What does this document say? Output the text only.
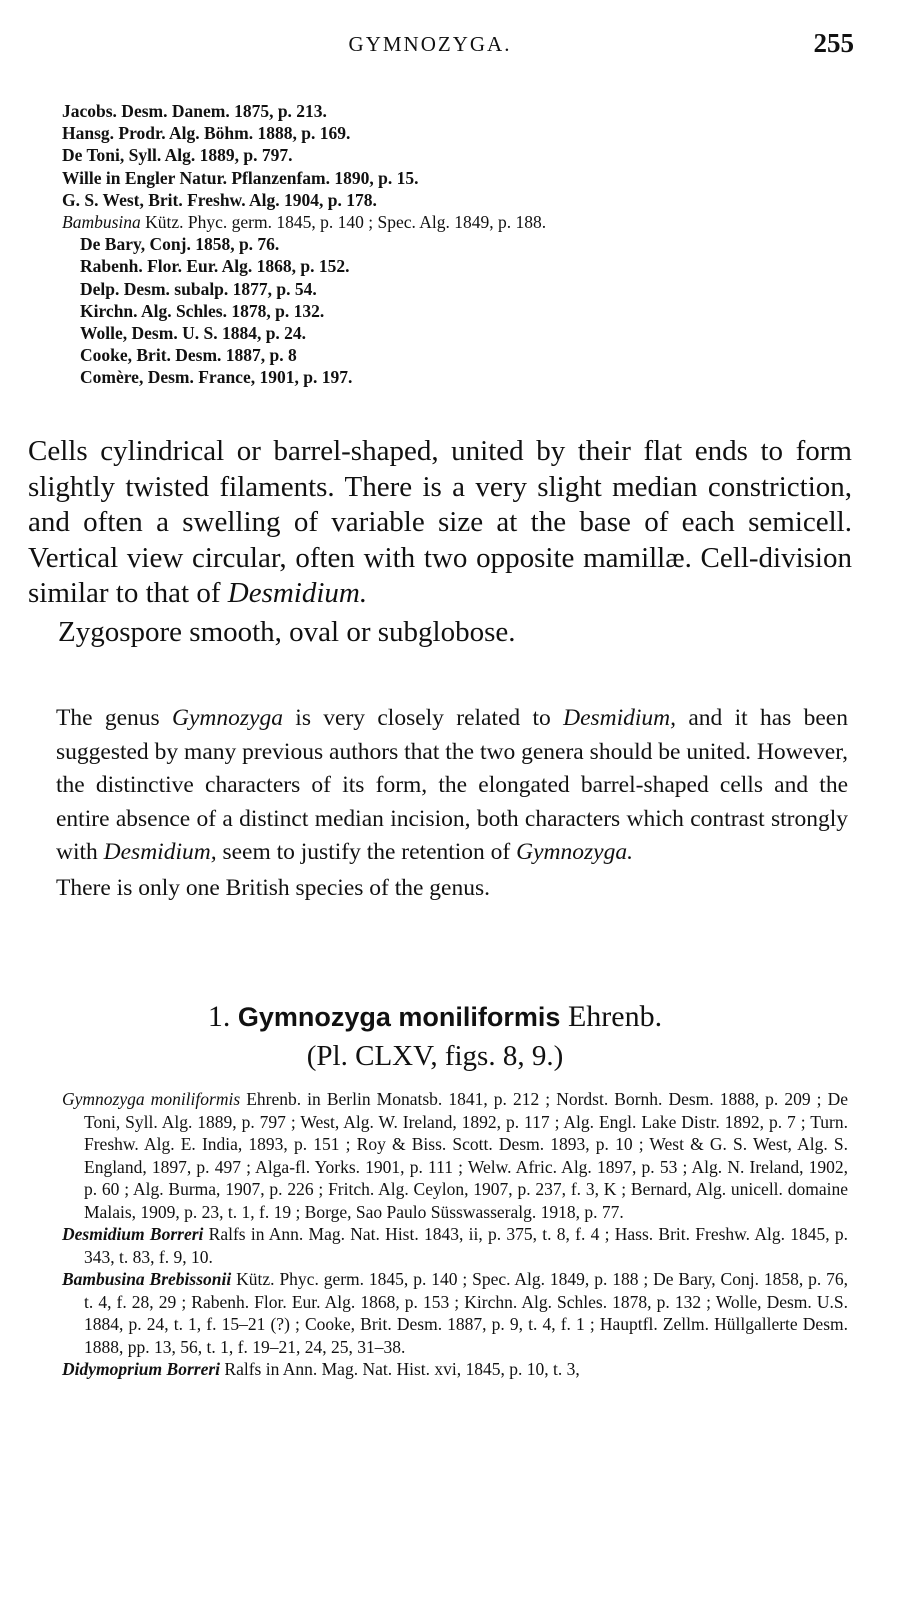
GYMNOZYGA.	255
Jacobs. Desm. Danem. 1875, p. 213.
Hansg. Prodr. Alg. Böhm. 1888, p. 169.
De Toni, Syll. Alg. 1889, p. 797.
Wille in Engler Natur. Pflanzenfam. 1890, p. 15.
G. S. West, Brit. Freshw. Alg. 1904, p. 178.
Bambusina Kütz. Phyc. germ. 1845, p. 140 ; Spec. Alg. 1849, p. 188.
De Bary, Conj. 1858, p. 76.
Rabenh. Flor. Eur. Alg. 1868, p. 152.
Delp. Desm. subalp. 1877, p. 54.
Kirchn. Alg. Schles. 1878, p. 132.
Wolle, Desm. U. S. 1884, p. 24.
Cooke, Brit. Desm. 1887, p. 8
Comère, Desm. France, 1901, p. 197.

Cells cylindrical or barrel-shaped, united by their flat ends to form slightly twisted filaments. There is a very slight median constriction, and often a swelling of variable size at the base of each semicell. Vertical view circular, often with two opposite mamillæ. Cell-division similar to that of Desmidium.

Zygospore smooth, oval or subglobose.

The genus Gymnozyga is very closely related to Desmidium, and it has been suggested by many previous authors that the two genera should be united. However, the distinctive characters of its form, the elongated barrel-shaped cells and the entire absence of a distinct median incision, both characters which contrast strongly with Desmidium, seem to justify the retention of Gymnozyga.

There is only one British species of the genus.

1. Gymnozyga moniliformis Ehrenb.
(Pl. CLXV, figs. 8, 9.)

Gymnozyga moniliformis Ehrenb. in Berlin Monatsb. 1841, p. 212 ; Nordst. Bornh. Desm. 1888, p. 209 ; De Toni, Syll. Alg. 1889, p. 797 ; West, Alg. W. Ireland, 1892, p. 117 ; Alg. Engl. Lake Distr. 1892, p. 7 ; Turn. Freshw. Alg. E. India, 1893, p. 151 ; Roy & Biss. Scott. Desm. 1893, p. 10 ; West & G. S. West, Alg. S. England, 1897, p. 497 ; Alga-fl. Yorks. 1901, p. 111 ; Welw. Afric. Alg. 1897, p. 53 ; Alg. N. Ireland, 1902, p. 60 ; Alg. Burma, 1907, p. 226 ; Fritch. Alg. Ceylon, 1907, p. 237, f. 3, K ; Bernard, Alg. unicell. domaine Malais, 1909, p. 23, t. 1, f. 19 ; Borge, Sao Paulo Süsswasseralg. 1918, p. 77.

Desmidium Borreri Ralfs in Ann. Mag. Nat. Hist. 1843, ii, p. 375, t. 8, f. 4 ; Hass. Brit. Freshw. Alg. 1845, p. 343, t. 83, f. 9, 10.

Bambusina Brebissonii Kütz. Phyc. germ. 1845, p. 140 ; Spec. Alg. 1849, p. 188 ; De Bary, Conj. 1858, p. 76, t. 4, f. 28, 29 ; Rabenh. Flor. Eur. Alg. 1868, p. 153 ; Kirchn. Alg. Schles. 1878, p. 132 ; Wolle, Desm. U.S. 1884, p. 24, t. 1, f. 15–21 (?) ; Cooke, Brit. Desm. 1887, p. 9, t. 4, f. 1 ; Hauptfl. Zellm. Hüllgallerte Desm. 1888, pp. 13, 56, t. 1, f. 19–21, 24, 25, 31–38.

Didymoprium Borreri Ralfs in Ann. Mag. Nat. Hist. xvi, 1845, p. 10, t. 3,
